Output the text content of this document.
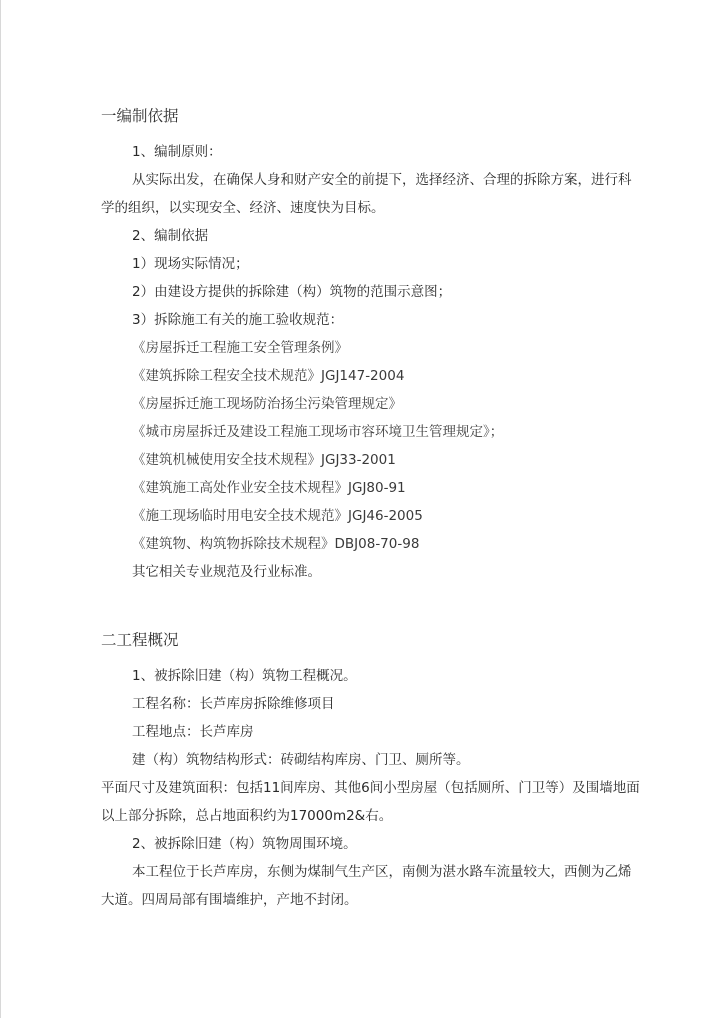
一编制依据
1、编制原则：
从实际出发，在确保人身和财产安全的前提下，选择经济、合理的拆除方案，进行科
学的组织，以实现安全、经济、速度快为目标。
2、编制依据
1）现场实际情况；
2）由建设方提供的拆除建（构）筑物的范围示意图；
3）拆除施工有关的施工验收规范：
《房屋拆迁工程施工安全管理条例》
《建筑拆除工程安全技术规范》JGJ147-2004
《房屋拆迁施工现场防治扬尘污染管理规定》
《城市房屋拆迁及建设工程施工现场市容环境卫生管理规定》；
《建筑机械使用安全技术规程》JGJ33-2001
《建筑施工高处作业安全技术规程》JGJ80-91
《施工现场临时用电安全技术规范》JGJ46-2005
《建筑物、构筑物拆除技术规程》DBJ08-70-98
其它相关专业规范及行业标准。
二工程概况
1、被拆除旧建（构）筑物工程概况。
工程名称：长芦库房拆除维修项目
工程地点：长芦库房
建（构）筑物结构形式：砖砌结构库房、门卫、厕所等。
平面尺寸及建筑面积：包括11间库房、其他6间小型房屋（包括厕所、门卫等）及围墙地面
以上部分拆除，总占地面积约为17000m2&右。
2、被拆除旧建（构）筑物周围环境。
本工程位于长芦库房，东侧为煤制气生产区，南侧为湛水路车流量较大，西侧为乙烯
大道。四周局部有围墙维护，产地不封闭。
